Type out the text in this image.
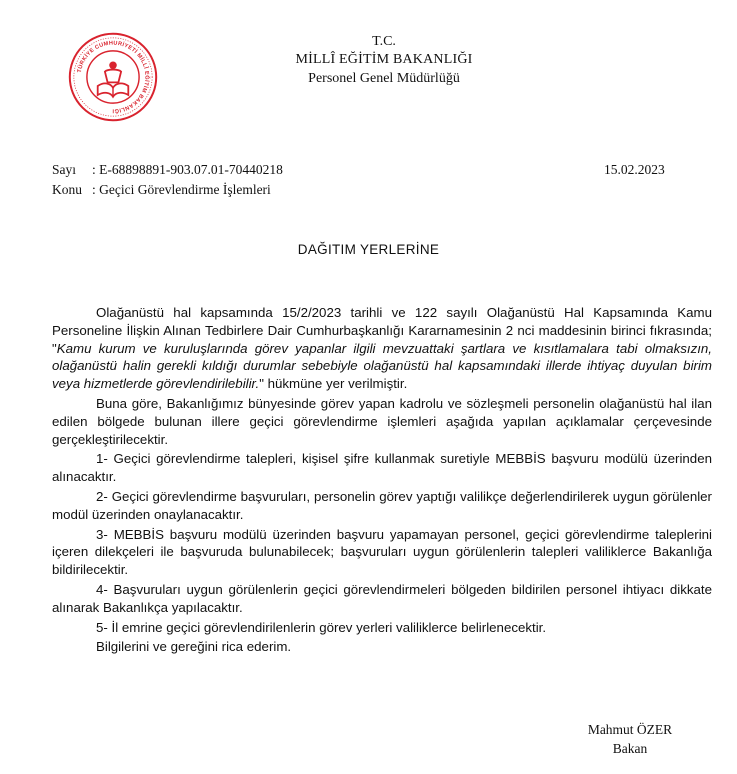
TÜRKİYE CUMHURİYETİ MİLLÎ EĞİTİM BAKANLIĞI
T.C.
MİLLÎ EĞİTİM BAKANLIĞI
Personel Genel Müdürlüğü
Sayı : E-68898891-903.07.01-70440218
Konu : Geçici Görevlendirme İşlemleri
15.02.2023
DAĞITIM YERLERİNE

Olağanüstü hal kapsamında 15/2/2023 tarihli ve 122 sayılı Olağanüstü Hal Kapsamında Kamu Personeline İlişkin Alınan Tedbirlere Dair Cumhurbaşkanlığı Kararnamesinin 2 nci maddesinin birinci fıkrasında; "Kamu kurum ve kuruluşlarında görev yapanlar ilgili mevzuattaki şartlara ve kısıtlamalara tabi olmaksızın, olağanüstü halin gerekli kıldığı durumlar sebebiyle olağanüstü hal kapsamındaki illerde ihtiyaç duyulan birim veya hizmetlerde görevlendirilebilir." hükmüne yer verilmiştir.

Buna göre, Bakanlığımız bünyesinde görev yapan kadrolu ve sözleşmeli personelin olağanüstü hal ilan edilen bölgede bulunan illere geçici görevlendirme işlemleri aşağıda yapılan açıklamalar çerçevesinde gerçekleştirilecektir.

1- Geçici görevlendirme talepleri, kişisel şifre kullanmak suretiyle MEBBİS başvuru modülü üzerinden alınacaktır.

2- Geçici görevlendirme başvuruları, personelin görev yaptığı valilikçe değerlendirilerek uygun görülenler modül üzerinden onaylanacaktır.

3- MEBBİS başvuru modülü üzerinden başvuru yapamayan personel, geçici görevlendirme taleplerini içeren dilekçeleri ile başvuruda bulunabilecek; başvuruları uygun görülenlerin talepleri valiliklerce Bakanlığa bildirilecektir.

4- Başvuruları uygun görülenlerin geçici görevlendirmeleri bölgeden bildirilen personel ihtiyacı dikkate alınarak Bakanlıkça yapılacaktır.

5- İl emrine geçici görevlendirilenlerin görev yerleri valiliklerce belirlenecektir.

Bilgilerini ve gereğini rica ederim.

Mahmut ÖZER
Bakan
